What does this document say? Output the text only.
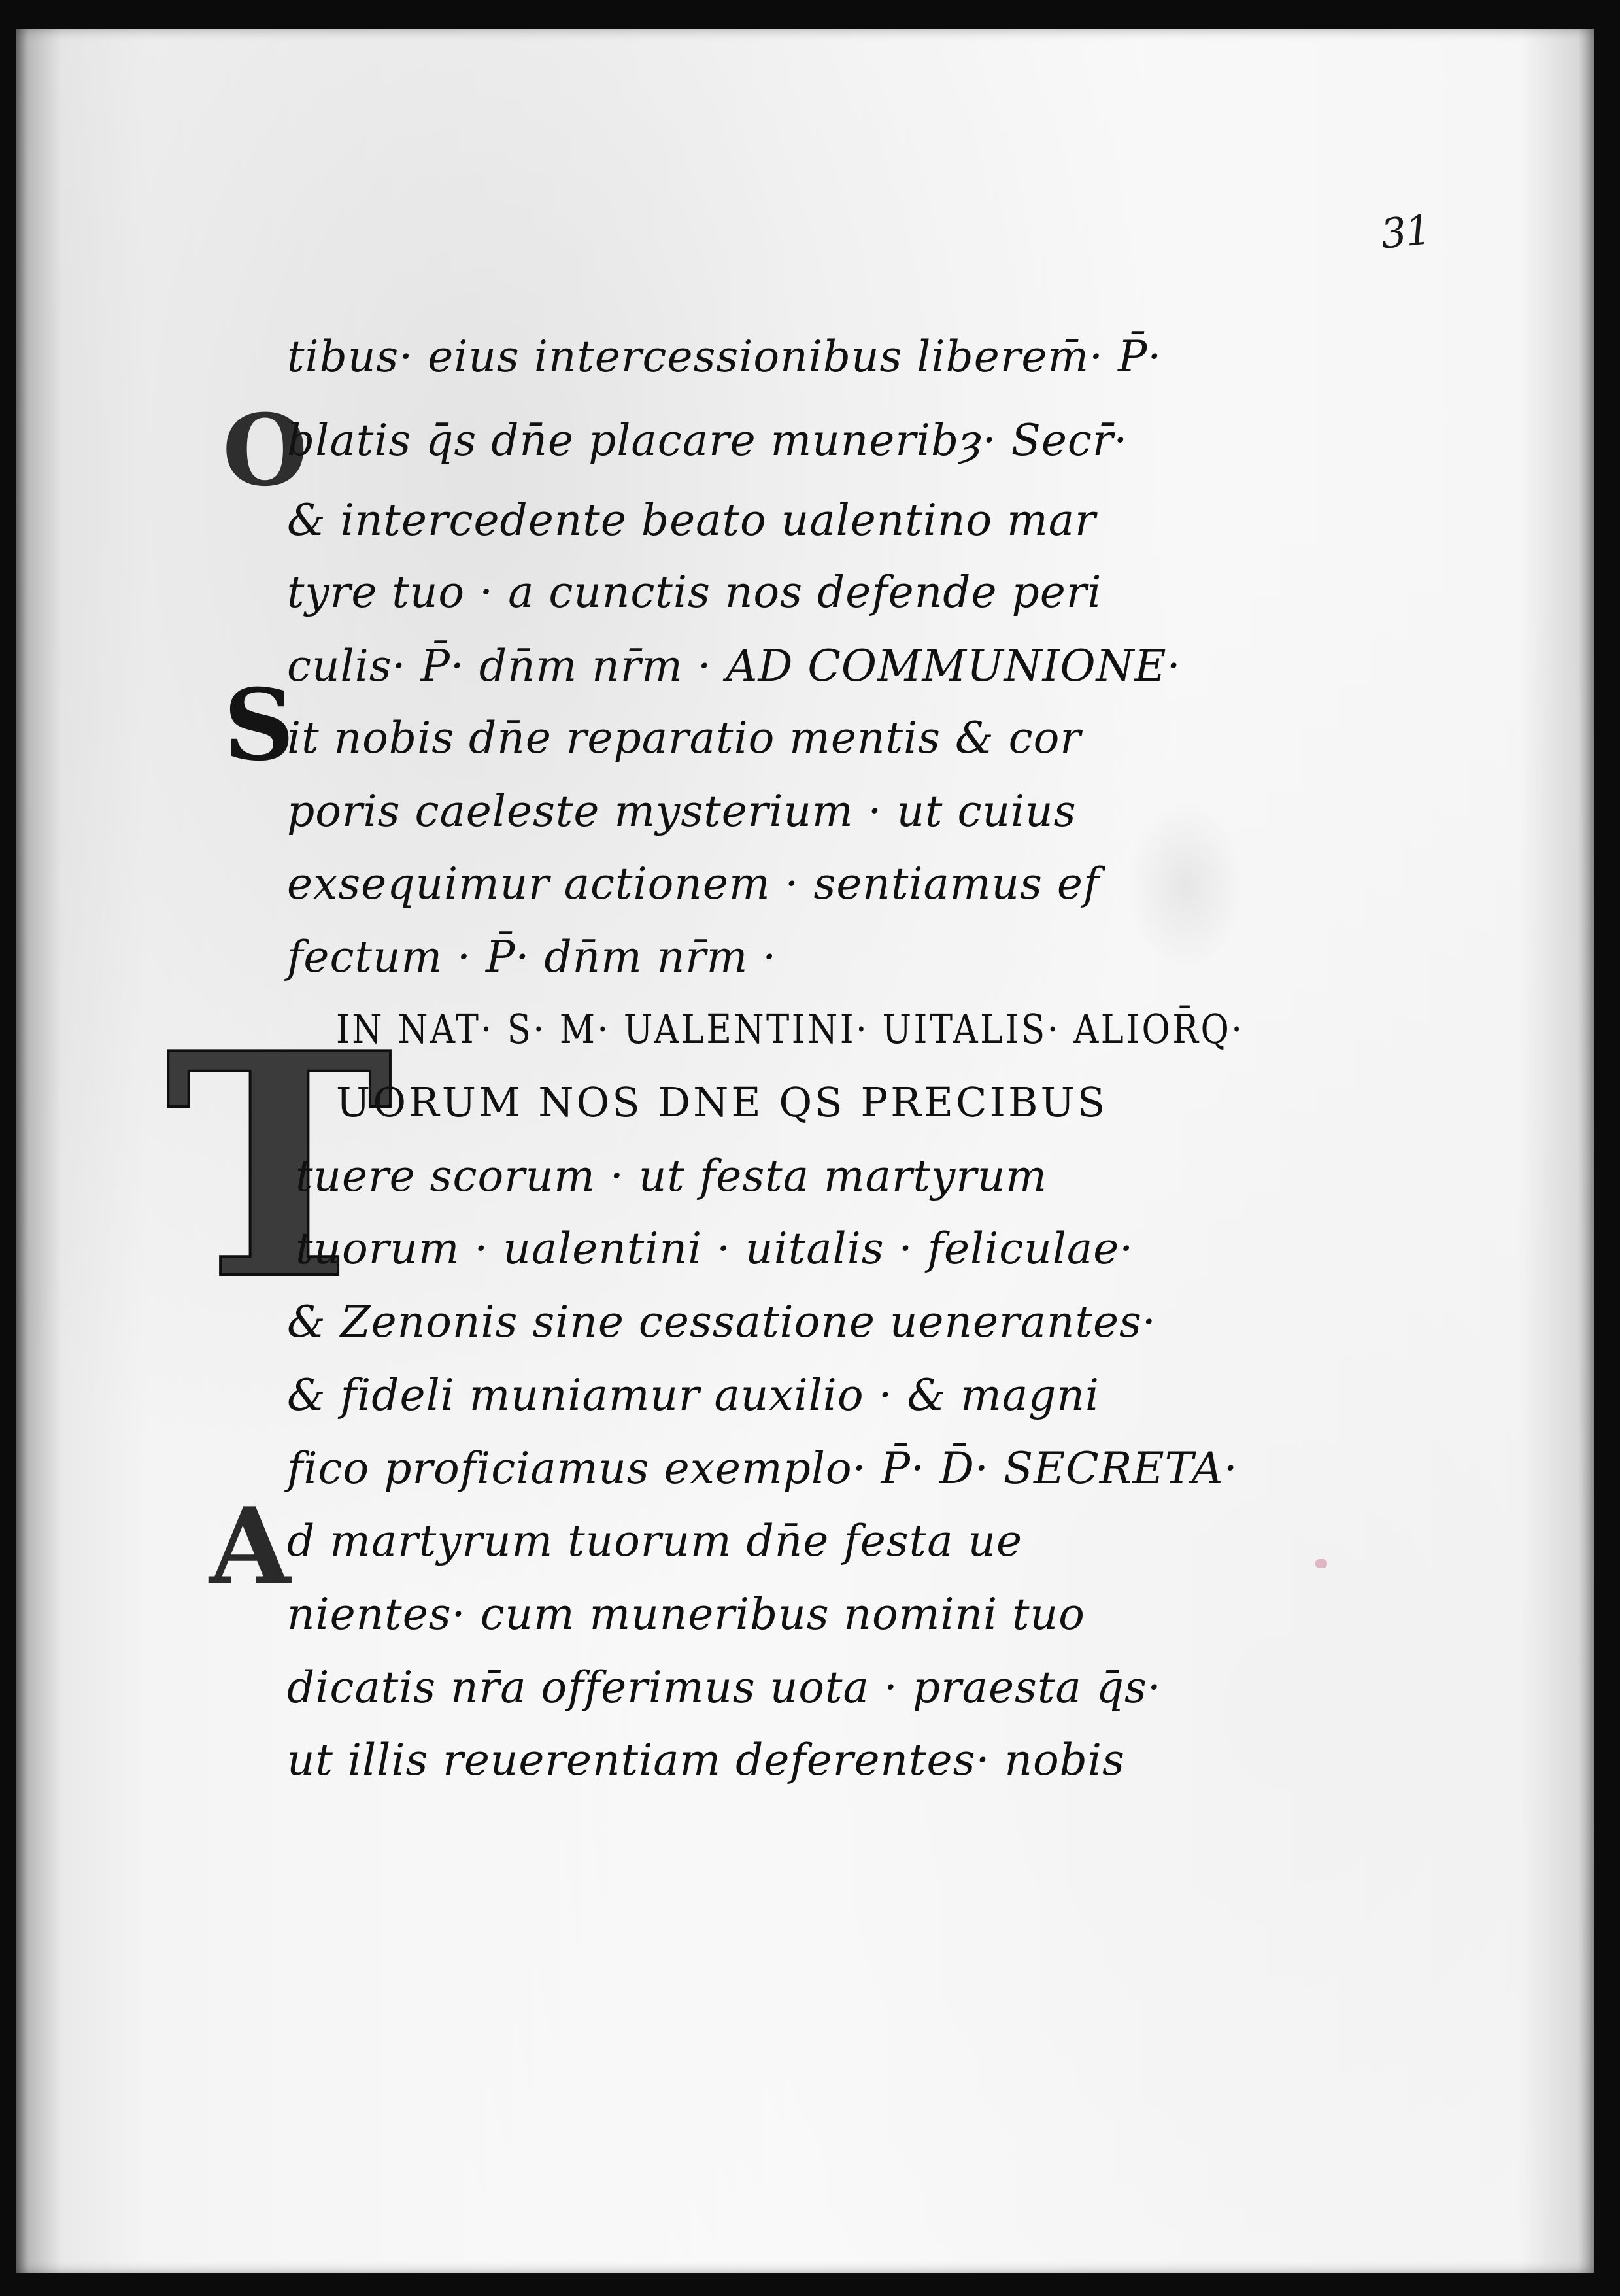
31
O
S
T
A
tibus· eius intercessionibus liberem̄· P̄·
blatis q̄s dn̄e placare muneribȝ· Secr̄·
& intercedente beato ualentino mar
tyre tuo · a cunctis nos defende peri
culis· P̄· dn̄m nr̄m · AD COMMUNIONE·
it nobis dn̄e reparatio mentis & cor
poris caeleste mysterium · ut cuius
exsequimur actionem · sentiamus ef
fectum · P̄· dn̄m nr̄m ·
IN NAT· S· M· UALENTINI· UITALIS· ALIOR̄Q·
UORUM NOS DNE QS PRECIBUS
tuere scorum · ut festa martyrum
tuorum · ualentini · uitalis · feliculae·
& Zenonis sine cessatione uenerantes·
& fideli muniamur auxilio · & magni
fico proficiamus exemplo· P̄· D̄· SECRETA·
d martyrum tuorum dn̄e festa ue
nientes· cum muneribus nomini tuo
dicatis nr̄a offerimus uota · praesta q̄s·
ut illis reuerentiam deferentes· nobis
